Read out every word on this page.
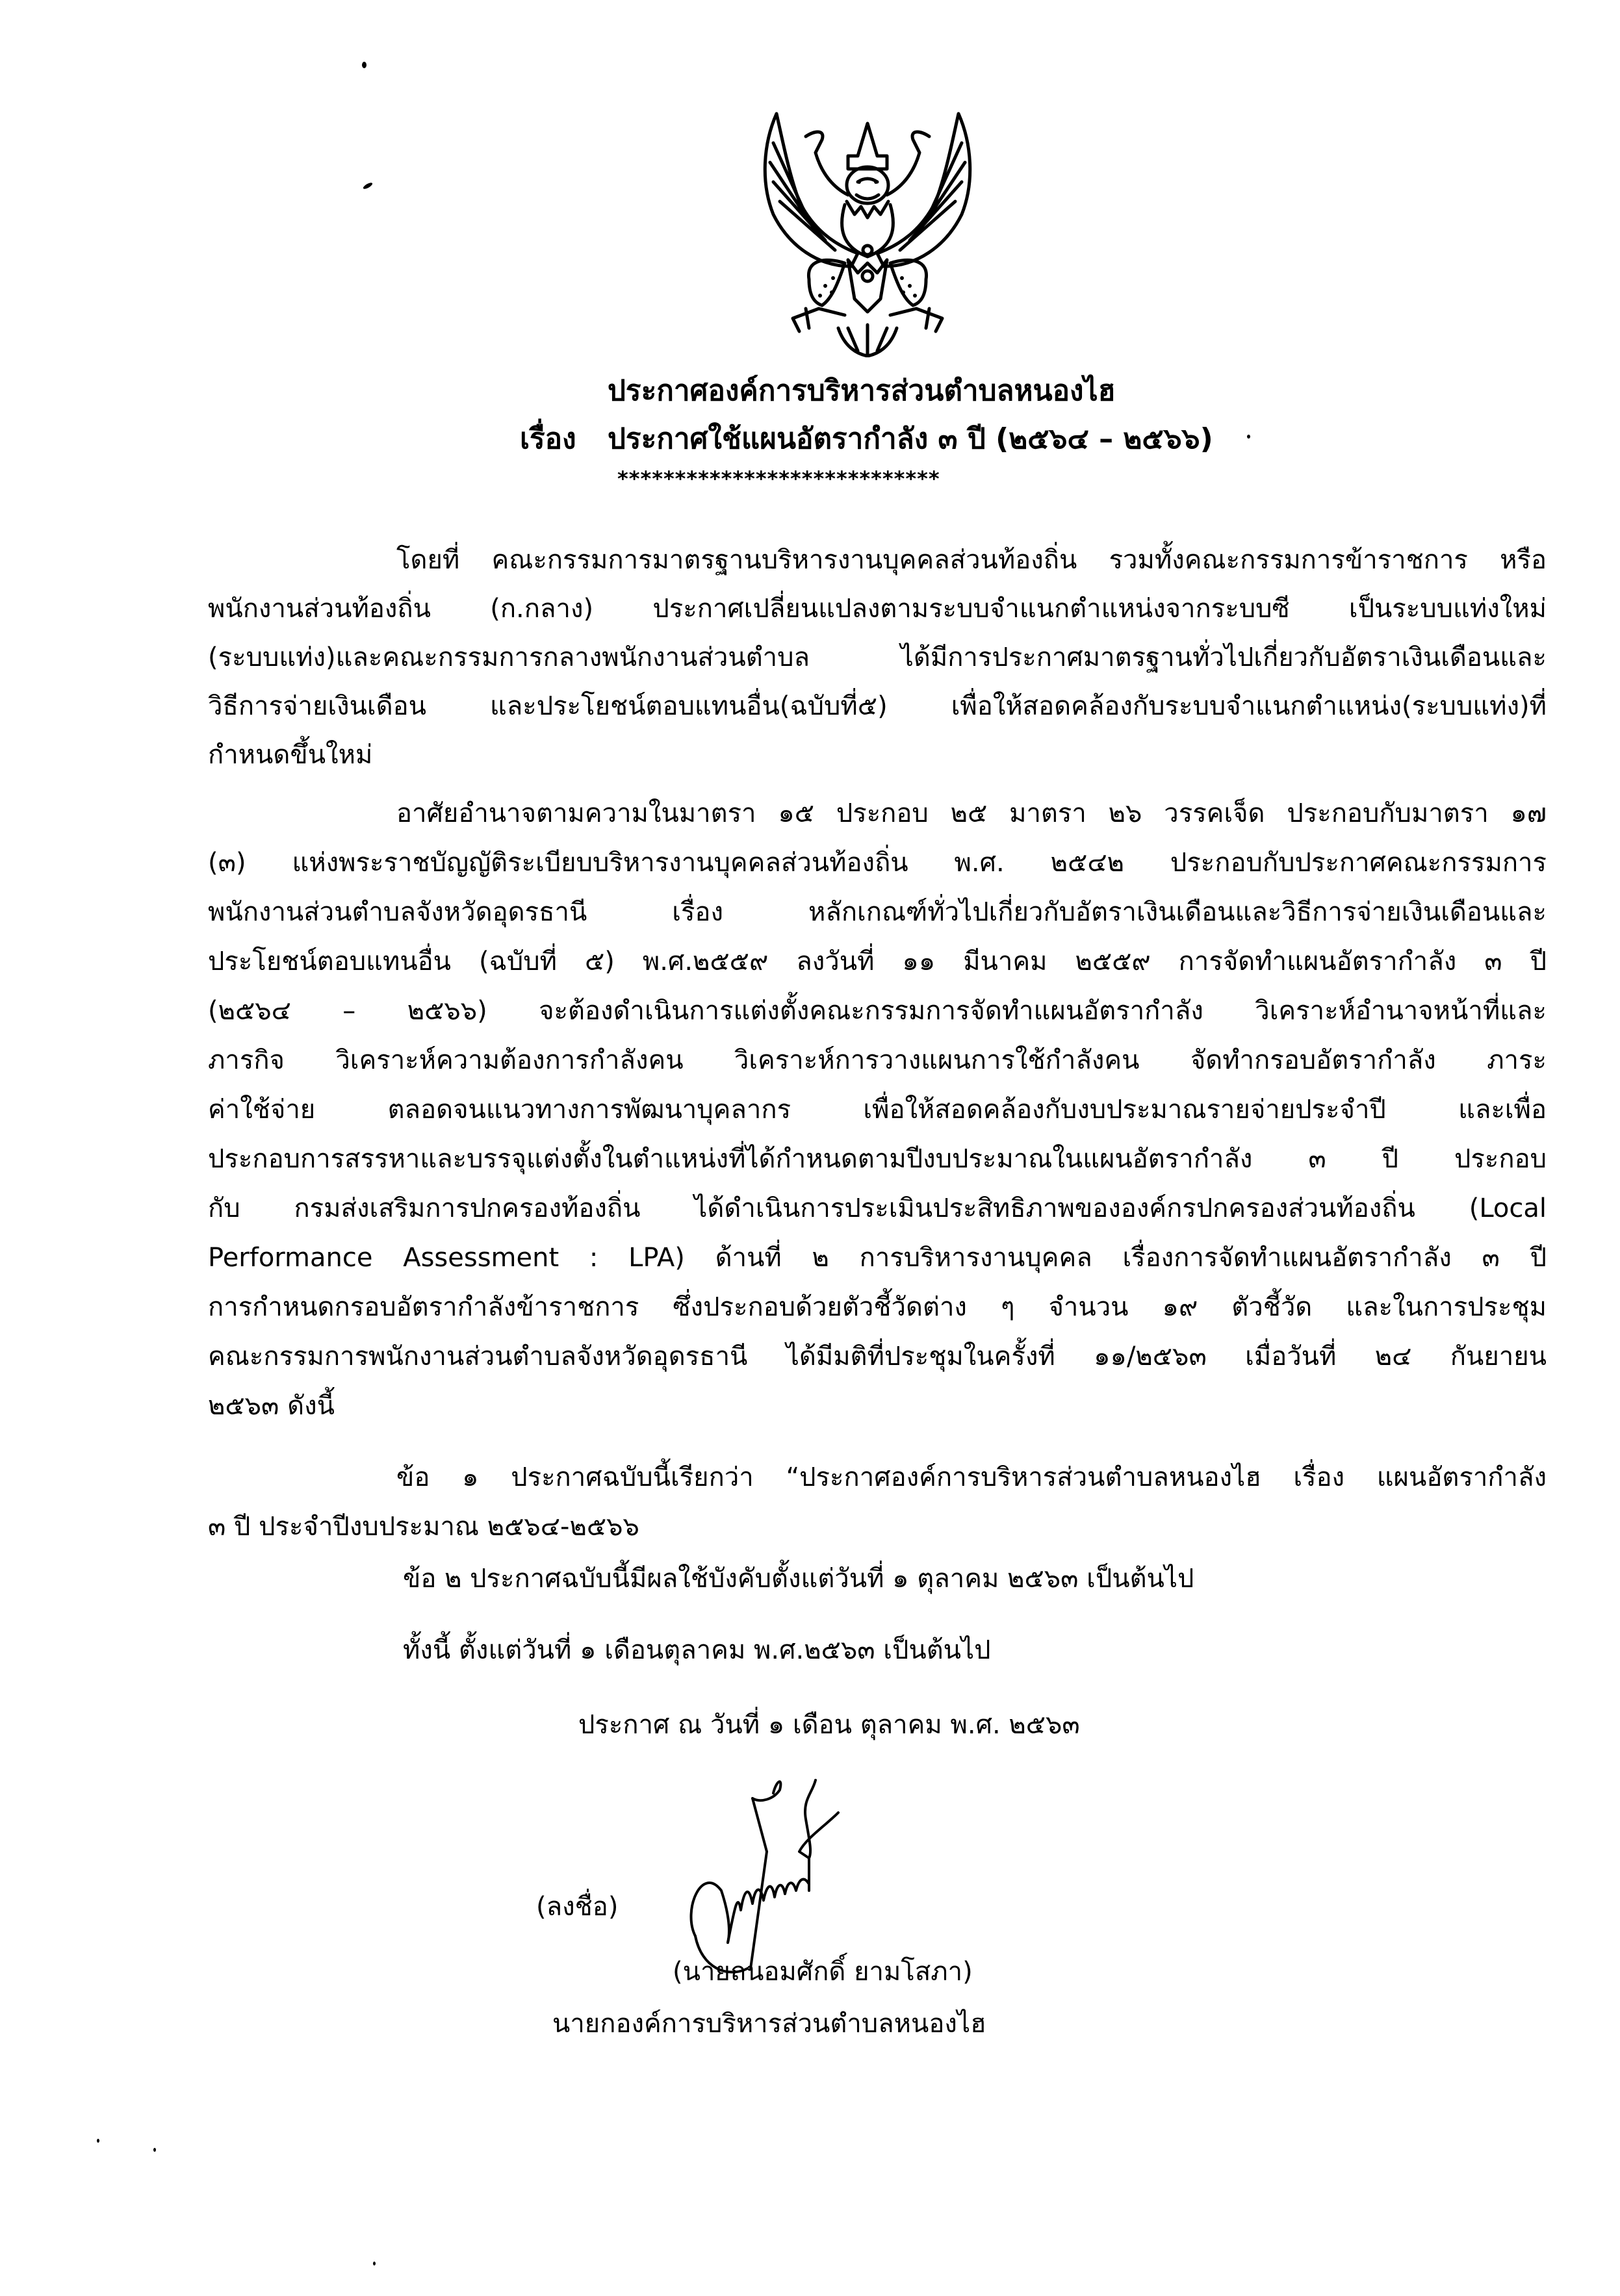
ประกาศองค์การบริหารส่วนตำบลหนองไฮ
เรื่อง ประกาศใช้แผนอัตรากำลัง ๓ ปี (๒๕๖๔ – ๒๕๖๖)
****************************
โดยที่ คณะกรรมการมาตรฐานบริหารงานบุคคลส่วนท้องถิ่น รวมทั้งคณะกรรมการข้าราชการ หรือ
พนักงานส่วนท้องถิ่น (ก.กลาง) ประกาศเปลี่ยนแปลงตามระบบจำแนกตำแหน่งจากระบบซี เป็นระบบแท่งใหม่
(ระบบแท่ง)และคณะกรรมการกลางพนักงานส่วนตำบล ได้มีการประกาศมาตรฐานทั่วไปเกี่ยวกับอัตราเงินเดือนและ
วิธีการจ่ายเงินเดือน และประโยชน์ตอบแทนอื่น(ฉบับที่๕) เพื่อให้สอดคล้องกับระบบจำแนกตำแหน่ง(ระบบแท่ง)ที่
กำหนดขึ้นใหม่
อาศัยอำนาจตามความในมาตรา ๑๕ ประกอบ ๒๕ มาตรา ๒๖ วรรคเจ็ด ประกอบกับมาตรา ๑๗
(๓) แห่งพระราชบัญญัติระเบียบบริหารงานบุคคลส่วนท้องถิ่น พ.ศ. ๒๕๔๒ ประกอบกับประกาศคณะกรรมการ
พนักงานส่วนตำบลจังหวัดอุดรธานี เรื่อง หลักเกณฑ์ทั่วไปเกี่ยวกับอัตราเงินเดือนและวิธีการจ่ายเงินเดือนและ
ประโยชน์ตอบแทนอื่น (ฉบับที่ ๕) พ.ศ.๒๕๕๙ ลงวันที่ ๑๑ มีนาคม ๒๕๕๙ การจัดทำแผนอัตรากำลัง ๓ ปี
(๒๕๖๔ – ๒๕๖๖) จะต้องดำเนินการแต่งตั้งคณะกรรมการจัดทำแผนอัตรากำลัง วิเคราะห์อำนาจหน้าที่และ
ภารกิจ วิเคราะห์ความต้องการกำลังคน วิเคราะห์การวางแผนการใช้กำลังคน จัดทำกรอบอัตรากำลัง ภาระ
ค่าใช้จ่าย ตลอดจนแนวทางการพัฒนาบุคลากร เพื่อให้สอดคล้องกับงบประมาณรายจ่ายประจำปี และเพื่อ
ประกอบการสรรหาและบรรจุแต่งตั้งในตำแหน่งที่ได้กำหนดตามปีงบประมาณในแผนอัตรากำลัง ๓ ปี ประกอบ
กับ กรมส่งเสริมการปกครองท้องถิ่น ได้ดำเนินการประเมินประสิทธิภาพขององค์กรปกครองส่วนท้องถิ่น (Local
Performance Assessment : LPA) ด้านที่ ๒ การบริหารงานบุคคล เรื่องการจัดทำแผนอัตรากำลัง ๓ ปี
การกำหนดกรอบอัตรากำลังข้าราชการ ซึ่งประกอบด้วยตัวชี้วัดต่าง ๆ จำนวน ๑๙ ตัวชี้วัด และในการประชุม
คณะกรรมการพนักงานส่วนตำบลจังหวัดอุดรธานี ได้มีมติที่ประชุมในครั้งที่ ๑๑/๒๕๖๓ เมื่อวันที่ ๒๔ กันยายน
๒๕๖๓ ดังนี้
ข้อ ๑ ประกาศฉบับนี้เรียกว่า “ประกาศองค์การบริหารส่วนตำบลหนองไฮ เรื่อง แผนอัตรากำลัง
๓ ปี ประจำปีงบประมาณ ๒๕๖๔-๒๕๖๖
ข้อ ๒ ประกาศฉบับนี้มีผลใช้บังคับตั้งแต่วันที่ ๑ ตุลาคม ๒๕๖๓ เป็นต้นไป
ทั้งนี้ ตั้งแต่วันที่ ๑ เดือนตุลาคม พ.ศ.๒๕๖๓ เป็นต้นไป
ประกาศ ณ วันที่ ๑ เดือน ตุลาคม พ.ศ. ๒๕๖๓
(ลงชื่อ)
(นายถนอมศักดิ์ ยามโสภา)
นายกองค์การบริหารส่วนตำบลหนองไฮ
